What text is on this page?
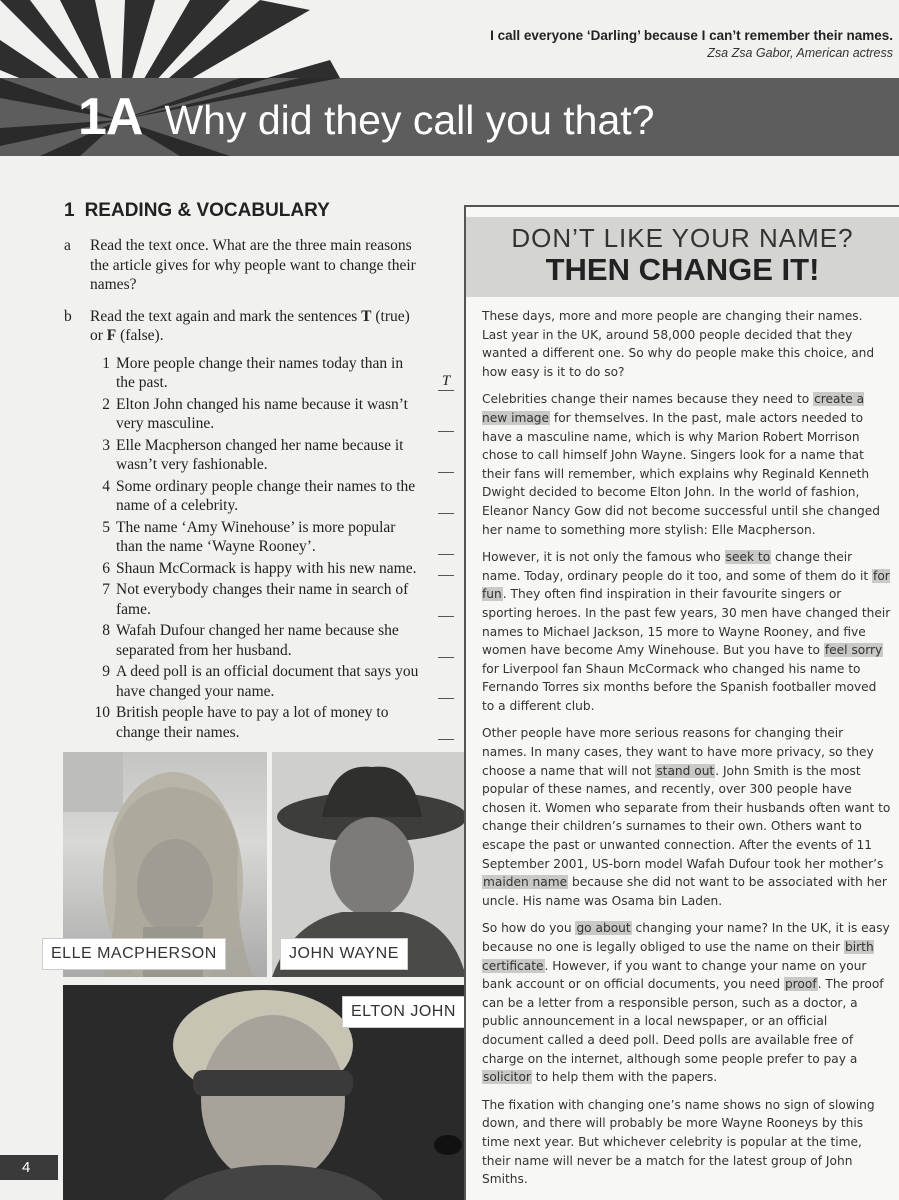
I call everyone ‘Darling’ because I can’t remember their names.
Zsa Zsa Gabor, American actress
1A Why did they call you that?
1 READING & VOCABULARY
a	Read the text once. What are the three main reasons the article gives for why people want to change their names?
b	Read the text again and mark the sentences T (true) or F (false).
1 More people change their names today than in the past.	T
2 Elton John changed his name because it wasn’t very masculine.
3 Elle Macpherson changed her name because it wasn’t very fashionable.
4 Some ordinary people change their names to the name of a celebrity.
5 The name ‘Amy Winehouse’ is more popular than the name ‘Wayne Rooney’.
6 Shaun McCormack is happy with his new name.
7 Not everybody changes their name in search of fame.
8 Wafah Dufour changed her name because she separated from her husband.
9 A deed poll is an official document that says you have changed your name.
10 British people have to pay a lot of money to change their names.
ELLE MACPHERSON	JOHN WAYNE
ELTON JOHN
4
DON’T LIKE YOUR NAME?
THEN CHANGE IT!

These days, more and more people are changing their names. Last year in the UK, around 58,000 people decided that they wanted a different one. So why do people make this choice, and how easy is it to do so?

Celebrities change their names because they need to create a new image for themselves. In the past, male actors needed to have a masculine name, which is why Marion Robert Morrison chose to call himself John Wayne. Singers look for a name that their fans will remember, which explains why Reginald Kenneth Dwight decided to become Elton John. In the world of fashion, Eleanor Nancy Gow did not become successful until she changed her name to something more stylish: Elle Macpherson.

However, it is not only the famous who seek to change their name. Today, ordinary people do it too, and some of them do it for fun. They often find inspiration in their favourite singers or sporting heroes. In the past few years, 30 men have changed their names to Michael Jackson, 15 more to Wayne Rooney, and five women have become Amy Winehouse. But you have to feel sorry for Liverpool fan Shaun McCormack who changed his name to Fernando Torres six months before the Spanish footballer moved to a different club.

Other people have more serious reasons for changing their names. In many cases, they want to have more privacy, so they choose a name that will not stand out. John Smith is the most popular of these names, and recently, over 300 people have chosen it. Women who separate from their husbands often want to change their children’s surnames to their own. Others want to escape the past or unwanted connection. After the events of 11 September 2001, US-born model Wafah Dufour took her mother’s maiden name because she did not want to be associated with her uncle. His name was Osama bin Laden.

So how do you go about changing your name? In the UK, it is easy because no one is legally obliged to use the name on their birth certificate. However, if you want to change your name on your bank account or on official documents, you need proof. The proof can be a letter from a responsible person, such as a doctor, a public announcement in a local newspaper, or an official document called a deed poll. Deed polls are available free of charge on the internet, although some people prefer to pay a solicitor to help them with the papers.

The fixation with changing one’s name shows no sign of slowing down, and there will probably be more Wayne Rooneys by this time next year. But whichever celebrity is popular at the time, their name will never be a match for the latest group of John Smiths.
